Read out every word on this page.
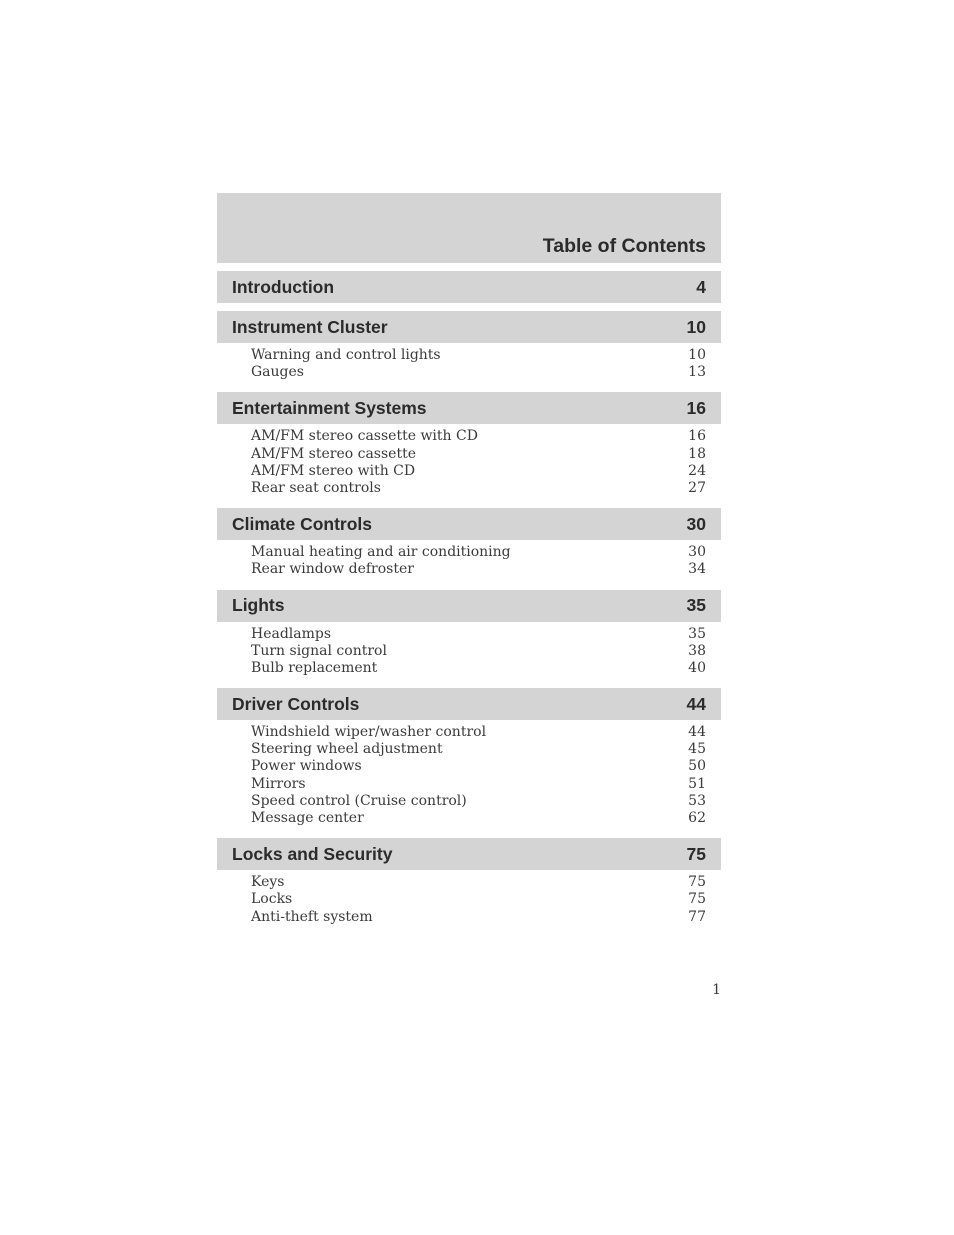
Table of Contents
Introduction	4
Instrument Cluster	10
Warning and control lights	10
Gauges	13
Entertainment Systems	16
AM/FM stereo cassette with CD	16
AM/FM stereo cassette	18
AM/FM stereo with CD	24
Rear seat controls	27
Climate Controls	30
Manual heating and air conditioning	30
Rear window defroster	34
Lights	35
Headlamps	35
Turn signal control	38
Bulb replacement	40
Driver Controls	44
Windshield wiper/washer control	44
Steering wheel adjustment	45
Power windows	50
Mirrors	51
Speed control (Cruise control)	53
Message center	62
Locks and Security	75
Keys	75
Locks	75
Anti-theft system	77
1
